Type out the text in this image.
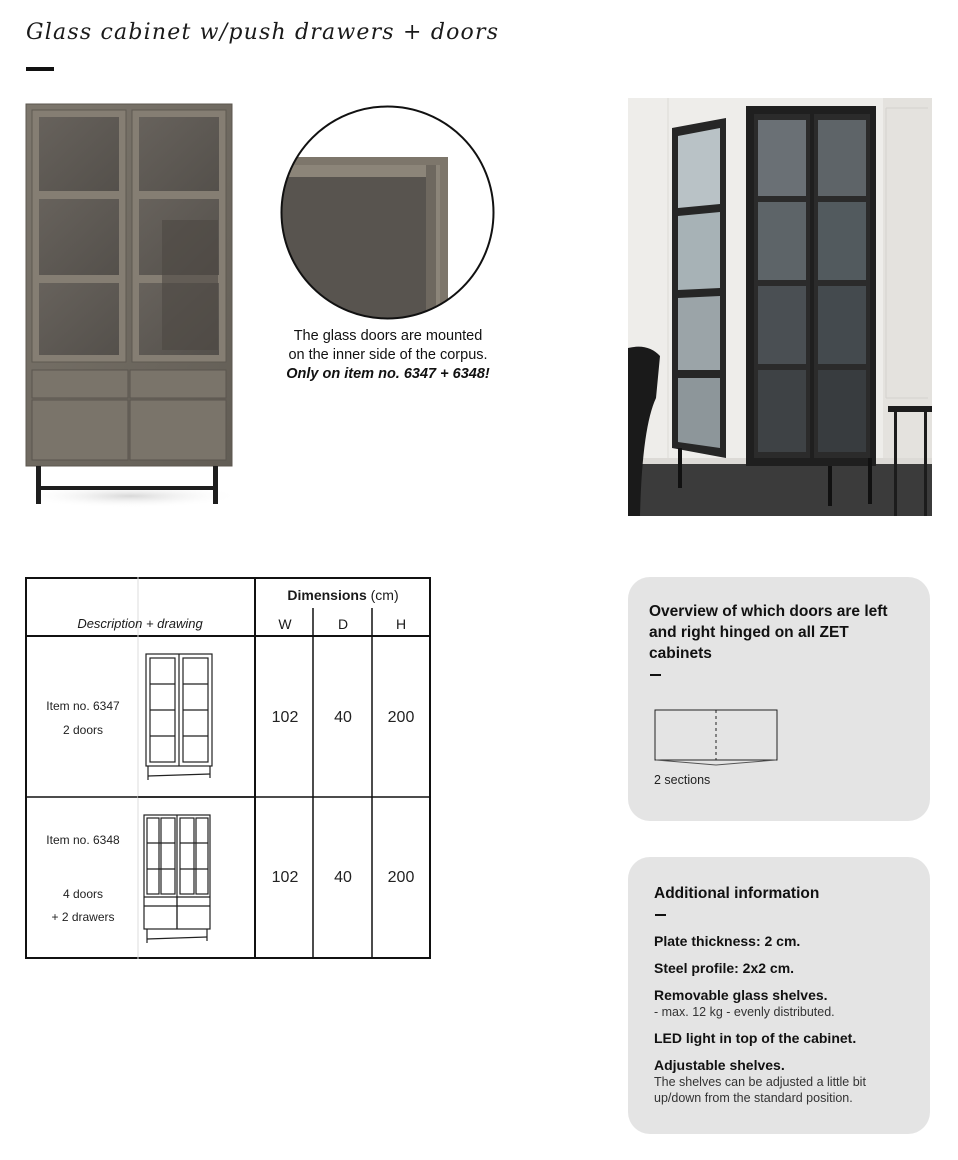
Glass cabinet w/push drawers + doors
The glass doors are mounted
on the inner side of the corpus.
Only on item no. 6347 + 6348!
Description + drawing
Dimensions (cm)
W	D	H
Item no. 6347
2 doors
102	40	200
Item no. 6348
4 doors
+ 2 drawers
102	40	200
Overview of which doors are left and right hinged on all ZET cabinets
2 sections
Additional information
Plate thickness: 2 cm.
Steel profile: 2x2 cm.
Removable glass shelves.
- max. 12 kg - evenly distributed.
LED light in top of the cabinet.
Adjustable shelves.
The shelves can be adjusted a little bit up/down from the standard position.
